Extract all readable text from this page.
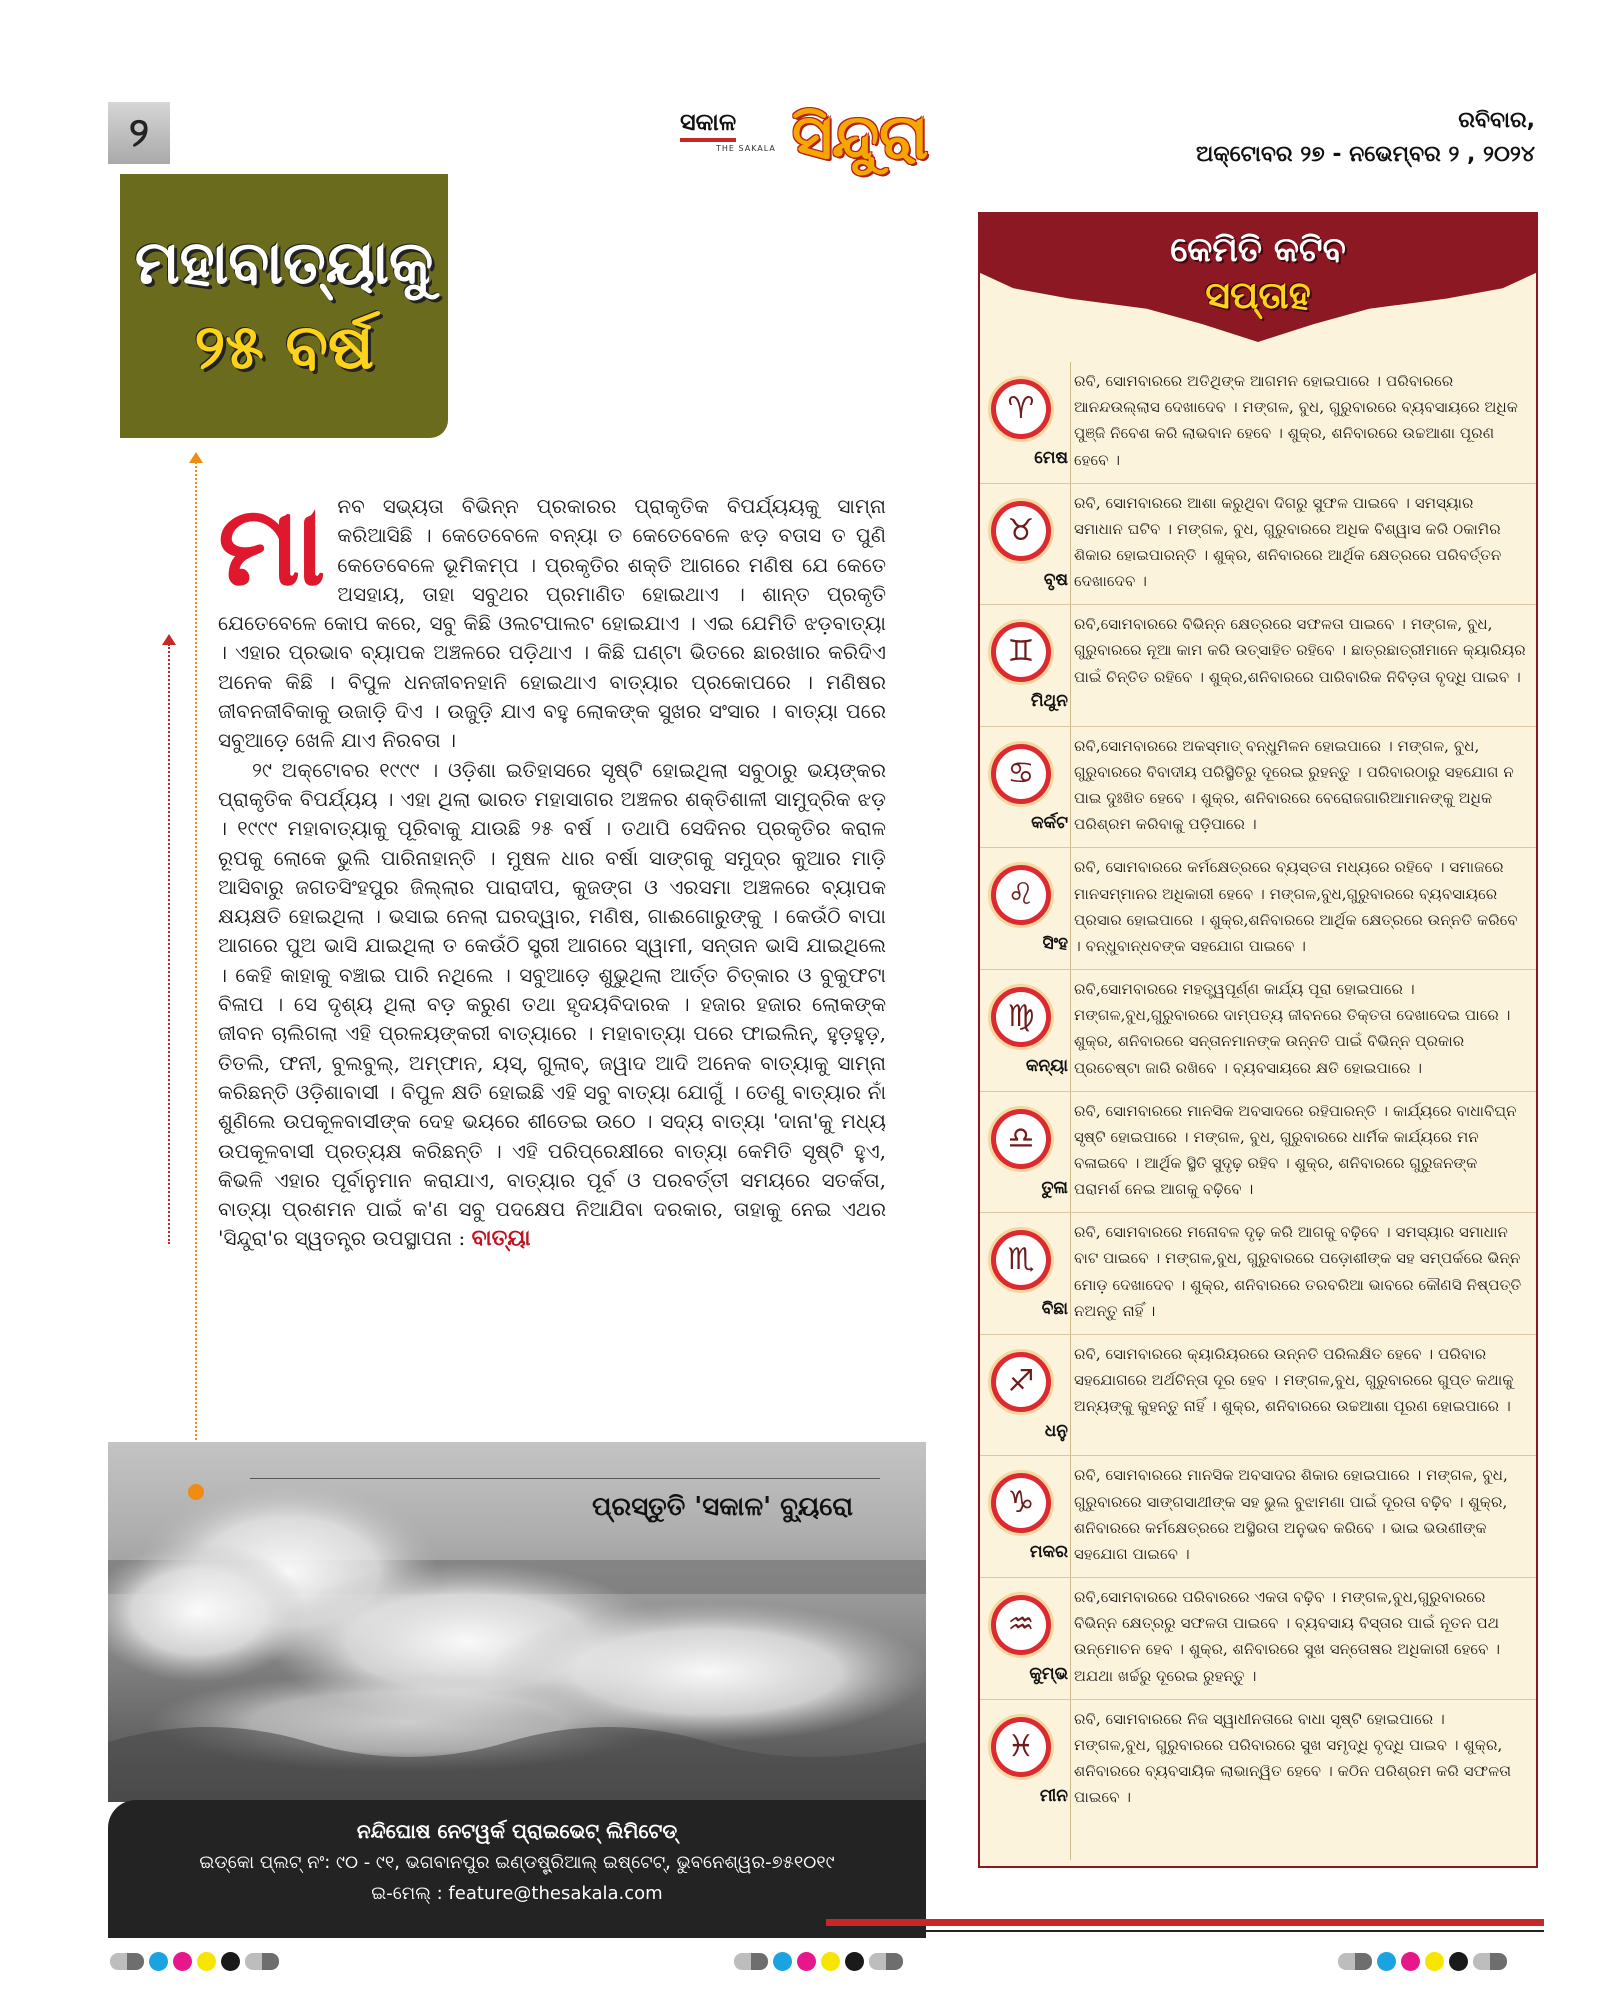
୨	ସକାଳ
THE SAKALA ସିନ୍ଦୁରା	ରବିବାର,
ଅକ୍ଟୋବର ୨୭ - ନଭେମ୍ବର ୨ , ୨୦୨୪
ମହାବାତ୍ୟାକୁ
୨୫ ବର୍ଷ
ମା ନବ ସଭ୍ୟତା ବିଭିନ୍ନ ପ୍ରକାରର ପ୍ରାକୃତିକ ବିପର୍ଯ୍ୟୟକୁ ସାମ୍ନା କରିଆସିଛି । କେତେବେଳେ ବନ୍ୟା ତ କେତେବେଳେ ଝଡ଼ ବତାସ ତ ପୁଣି କେତେବେଳେ ଭୂମିକମ୍ପ । ପ୍ରକୃତିର ଶକ୍ତି ଆଗରେ ମଣିଷ ଯେ କେତେ ଅସହାୟ, ତାହା ସବୁଥର ପ୍ରମାଣିତ ହୋଇଥାଏ । ଶାନ୍ତ ପ୍ରକୃତି ଯେତେବେଳେ କୋପ କରେ, ସବୁ କିଛି ଓଲଟପାଲଟ ହୋଇଯାଏ । ଏଇ ଯେମିତି ଝଡ଼ବାତ୍ୟା । ଏହାର ପ୍ରଭାବ ବ୍ୟାପକ ଅଞ୍ଚଳରେ ପଡ଼ିଥାଏ । କିଛି ଘଣ୍ଟା ଭିତରେ ଛାରଖାର କରିଦିଏ ଅନେକ କିଛି । ବିପୁଳ ଧନଜୀବନହାନି ହୋଇଥାଏ ବାତ୍ୟାର ପ୍ରକୋପରେ । ମଣିଷର ଜୀବନଜୀବିକାକୁ ଉଜାଡ଼ି ଦିଏ । ଉଜୁଡ଼ି ଯାଏ ବହୁ ଲୋକଙ୍କ ସୁଖର ସଂସାର । ବାତ୍ୟା ପରେ ସବୁଆଡ଼େ ଖେଳି ଯାଏ ନିରବତା ।

୨୯ ଅକ୍ଟୋବର ୧୯୯୯ । ଓଡ଼ିଶା ଇତିହାସରେ ସୃଷ୍ଟି ହୋଇଥିଲା ସବୁଠାରୁ ଭୟଙ୍କର ପ୍ରାକୃତିକ ବିପର୍ଯ୍ୟୟ । ଏହା ଥିଲା ଭାରତ ମହାସାଗର ଅଞ୍ଚଳର ଶକ୍ତିଶାଳୀ ସାମୁଦ୍ରିକ ଝଡ଼ । ୧୯୯୯ ମହାବାତ୍ୟାକୁ ପୂରିବାକୁ ଯାଉଛି ୨୫ ବର୍ଷ । ତଥାପି ସେଦିନର ପ୍ରକୃତିର କରାଳ ରୂପକୁ ଲୋକେ ଭୁଲି ପାରିନାହାନ୍ତି । ମୁଷଳ ଧାର ବର୍ଷା ସାଙ୍ଗକୁ ସମୁଦ୍ର କୁଆର ମାଡ଼ି ଆସିବାରୁ ଜଗତସିଂହପୁର ଜିଲ୍ଲାର ପାରାଦୀପ, କୁଜଙ୍ଗ ଓ ଏରସମା ଅଞ୍ଚଳରେ ବ୍ୟାପକ କ୍ଷୟକ୍ଷତି ହୋଇଥିଲା । ଭସାଇ ନେଲା ଘରଦ୍ୱାର, ମଣିଷ, ଗାଈଗୋରୁଙ୍କୁ । କେଉଁଠି ବାପା ଆଗରେ ପୁଅ ଭାସି ଯାଇଥିଲା ତ କେଉଁଠି ସ୍ତ୍ରୀ ଆଗରେ ସ୍ୱାମୀ, ସନ୍ତାନ ଭାସି ଯାଇଥିଲେ । କେହି କାହାକୁ ବଞ୍ଚାଇ ପାରି ନଥିଲେ । ସବୁଆଡ଼େ ଶୁଭୁଥିଲା ଆର୍ତ୍ତ ଚିତ୍କାର ଓ ବୁକୁଫଟା ବିଳାପ । ସେ ଦୃଶ୍ୟ ଥିଲା ବଡ଼ କରୁଣ ତଥା ହୃଦୟବିଦାରକ । ହଜାର ହଜାର ଲୋକଙ୍କ ଜୀବନ ଚାଲିଗଲା ଏହି ପ୍ରଳୟଙ୍କରୀ ବାତ୍ୟାରେ । ମହାବାତ୍ୟା ପରେ ଫାଇଲିନ୍, ହୁଡ଼ହୁଡ଼, ତିତଲି, ଫନୀ, ବୁଲବୁଲ୍, ଅମ୍ଫାନ, ୟସ୍, ଗୁଲାବ୍, ଜୱାଦ ଆଦି ଅନେକ ବାତ୍ୟାକୁ ସାମ୍ନା କରିଛନ୍ତି ଓଡ଼ିଶାବାସୀ । ବିପୁଳ କ୍ଷତି ହୋଇଛି ଏହି ସବୁ ବାତ୍ୟା ଯୋଗୁଁ । ତେଣୁ ବାତ୍ୟାର ନାଁ ଶୁଣିଲେ ଉପକୂଳବାସୀଙ୍କ ଦେହ ଭୟରେ ଶୀତେଇ ଉଠେ । ସଦ୍ୟ ବାତ୍ୟା 'ଦାନା'କୁ ମଧ୍ୟ ଉପକୂଳବାସୀ ପ୍ରତ୍ୟକ୍ଷ କରିଛନ୍ତି । ଏହି ପରିପ୍ରେକ୍ଷୀରେ ବାତ୍ୟା କେମିତି ସୃଷ୍ଟି ହୁଏ, କିଭଳି ଏହାର ପୂର୍ବାନୁମାନ କରାଯାଏ, ବାତ୍ୟାର ପୂର୍ବ ଓ ପରବର୍ତ୍ତୀ ସମୟରେ ସତର୍କତା, ବାତ୍ୟା ପ୍ରଶମନ ପାଇଁ କ'ଣ ସବୁ ପଦକ୍ଷେପ ନିଆଯିବା ଦରକାର, ତାହାକୁ ନେଇ ଏଥର 'ସିନ୍ଦୁରା'ର ସ୍ୱତନ୍ତ୍ର ଉପସ୍ଥାପନା : ବାତ୍ୟା

ପ୍ରସ୍ତୁତି 'ସକାଳ' ବ୍ୟୁରୋ
ନନ୍ଦିଘୋଷ ନେଟୱର୍କ ପ୍ରାଇଭେଟ୍ ଲିମିଟେଡ୍
ଇଡ୍‌କୋ ପ୍ଲଟ୍ ନଂ: ୯୦ - ୯୧, ଭଗବାନପୁର ଇଣ୍ଡଷ୍ଟ୍ରିଆଲ୍ ଇଷ୍ଟେଟ୍, ଭୁବନେଶ୍ୱର-୭୫୧୦୧୯
ଇ-ମେଲ୍ : feature@thesakala.com
କେମିତି କଟିବ
ସପ୍ତାହ
♈
ମେଷ
ରବି, ସୋମବାରରେ ଅତିଥିଙ୍କ ଆଗମନ ହୋଇପାରେ । ପରିବାରରେ ଆନନ୍ଦଉଲ୍ଲାସ ଦେଖାଦେବ । ମଙ୍ଗଳ, ବୁଧ, ଗୁରୁବାରରେ ବ୍ୟବସାୟରେ ଅଧିକ ପୁଞ୍ଜି ନିବେଶ କରି ଲାଭବାନ ହେବେ । ଶୁକ୍ର, ଶନିବାରରେ ଉଚ୍ଚଆଶା ପୂରଣ ହେବେ ।
♉
ବୃଷ
ରବି, ସୋମବାରରେ ଆଶା କରୁଥିବା ଦିଗରୁ ସୁଫଳ ପାଇବେ । ସମସ୍ୟାର ସମାଧାନ ଘଟିବ । ମଙ୍ଗଳ, ବୁଧ, ଗୁରୁବାରରେ ଅଧିକ ବିଶ୍ୱାସ କରି ଠକାମିର ଶିକାର ହୋଇପାରନ୍ତି । ଶୁକ୍ର, ଶନିବାରରେ ଆର୍ଥିକ କ୍ଷେତ୍ରରେ ପରିବର୍ତ୍ତନ ଦେଖାଦେବ ।
♊
ମିଥୁନ
ରବି,ସୋମବାରରେ ବିଭିନ୍ନ କ୍ଷେତ୍ରରେ ସଫଳତା ପାଇବେ । ମଙ୍ଗଳ, ବୁଧ, ଗୁରୁବାରରେ ନୂଆ କାମ କରି ଉତ୍ସାହିତ ରହିବେ । ଛାତ୍ରଛାତ୍ରୀମାନେ କ୍ୟାରିୟର ପାଇଁ ଚିନ୍ତିତ ରହିବେ । ଶୁକ୍ର,ଶନିବାରରେ ପାରିବାରିକ ନିବିଡ଼ତା ବୃଦ୍ଧି ପାଇବ ।
♋
କର୍କଟ
ରବି,ସୋମବାରରେ ଅକସ୍ମାତ୍ ବନ୍ଧୁମିଳନ ହୋଇପାରେ । ମଙ୍ଗଳ, ବୁଧ, ଗୁରୁବାରରେ ବିବାଦୀୟ ପରିସ୍ଥିତିରୁ ଦୂରେଇ ରୁହନ୍ତୁ । ପରିବାରଠାରୁ ସହଯୋଗ ନ ପାଇ ଦୁଃଖିତ ହେବେ । ଶୁକ୍ର, ଶନିବାରରେ ବେରୋଜଗାରିଆମାନଙ୍କୁ ଅଧିକ ପରିଶ୍ରମ କରିବାକୁ ପଡ଼ିପାରେ ।
♌
ସିଂହ
ରବି, ସୋମବାରରେ କର୍ମକ୍ଷେତ୍ରରେ ବ୍ୟସ୍ତତା ମଧ୍ୟରେ ରହିବେ । ସମାଜରେ ମାନସମ୍ମାନର ଅଧିକାରୀ ହେବେ । ମଙ୍ଗଳ,ବୁଧ,ଗୁରୁବାରରେ ବ୍ୟବସାୟରେ ପ୍ରସାର ହୋଇପାରେ । ଶୁକ୍ର,ଶନିବାରରେ ଆର୍ଥିକ କ୍ଷେତ୍ରରେ ଉନ୍ନତି କରିବେ । ବନ୍ଧୁବାନ୍ଧବଙ୍କ ସହଯୋଗ ପାଇବେ ।
♍
କନ୍ୟା
ରବି,ସୋମବାରରେ ମହତ୍ତ୍ୱପୂର୍ଣ୍ଣ କାର୍ଯ୍ୟ ପୂରା ହୋଇପାରେ । ମଙ୍ଗଳ,ବୁଧ,ଗୁରୁବାରରେ ଦାମ୍ପତ୍ୟ ଜୀବନରେ ତିକ୍ତତା ଦେଖାଦେଇ ପାରେ । ଶୁକ୍ର, ଶନିବାରରେ ସନ୍ତାନମାନଙ୍କ ଉନ୍ନତି ପାଇଁ ବିଭିନ୍ନ ପ୍ରକାର ପ୍ରଚେଷ୍ଟା ଜାରି ରଖିବେ । ବ୍ୟବସାୟରେ କ୍ଷତି ହୋଇପାରେ ।
♎
ତୁଳା
ରବି, ସୋମବାରରେ ମାନସିକ ଅବସାଦରେ ରହିପାରନ୍ତି । କାର୍ଯ୍ୟରେ ବାଧାବିଘ୍ନ ସୃଷ୍ଟି ହୋଇପାରେ । ମଙ୍ଗଳ, ବୁଧ, ଗୁରୁବାରରେ ଧାର୍ମିକ କାର୍ଯ୍ୟରେ ମନ ବଳାଇବେ । ଆର୍ଥିକ ସ୍ଥିତି ସୁଦୃଢ଼ ରହିବ । ଶୁକ୍ର, ଶନିବାରରେ ଗୁରୁଜନଙ୍କ ପରାମର୍ଶ ନେଇ ଆଗକୁ ବଢ଼ିବେ ।
♏
ବିଛା
ରବି, ସୋମବାରରେ ମନୋବଳ ଦୃଢ଼ କରି ଆଗକୁ ବଢ଼ିବେ । ସମସ୍ୟାର ସମାଧାନ ବାଟ ପାଇବେ । ମଙ୍ଗଳ,ବୁଧ, ଗୁରୁବାରରେ ପଡ଼ୋଶୀଙ୍କ ସହ ସମ୍ପର୍କରେ ଭିନ୍ନ ମୋଡ଼ ଦେଖାଦେବ । ଶୁକ୍ର, ଶନିବାରରେ ତରବରିଆ ଭାବରେ କୌଣସି ନିଷ୍ପତ୍ତି ନଅନ୍ତୁ ନାହିଁ ।
♐
ଧନୁ
ରବି, ସୋମବାରରେ କ୍ୟାରିୟରରେ ଉନ୍ନତି ପରିଲକ୍ଷିତ ହେବେ । ପରିବାର ସହଯୋଗରେ ଅର୍ଥଚିନ୍ତା ଦୂର ହେବ । ମଙ୍ଗଳ,ବୁଧ, ଗୁରୁବାରରେ ଗୁପ୍ତ କଥାକୁ ଅନ୍ୟଙ୍କୁ କୁହନ୍ତୁ ନାହିଁ । ଶୁକ୍ର, ଶନିବାରରେ ଉଚ୍ଚଆଶା ପୂରଣ ହୋଇପାରେ ।
♑
ମକର
ରବି, ସୋମବାରରେ ମାନସିକ ଅବସାଦର ଶିକାର ହୋଇପାରେ । ମଙ୍ଗଳ, ବୁଧ, ଗୁରୁବାରରେ ସାଙ୍ଗସାଥୀଙ୍କ ସହ ଭୁଲ ବୁଝାମଣା ପାଇଁ ଦୂରତା ବଢ଼ିବ । ଶୁକ୍ର, ଶନିବାରରେ କର୍ମକ୍ଷେତ୍ରରେ ଅସ୍ଥିରତା ଅନୁଭବ କରିବେ । ଭାଇ ଭଉଣୀଙ୍କ ସହଯୋଗ ପାଇବେ ।
♒
କୁମ୍ଭ
ରବି,ସୋମବାରରେ ପରିବାରରେ ଏକତା ବଢ଼ିବ । ମଙ୍ଗଳ,ବୁଧ,ଗୁରୁବାରରେ ବିଭିନ୍ନ କ୍ଷେତ୍ରରୁ ସଫଳତା ପାଇବେ । ବ୍ୟବସାୟ ବିସ୍ତାର ପାଇଁ ନୂତନ ପଥ ଉନ୍ମୋଚନ ହେବ । ଶୁକ୍ର, ଶନିବାରରେ ସୁଖ ସନ୍ତୋଷର ଅଧିକାରୀ ହେବେ । ଅଯଥା ଖର୍ଚ୍ଚରୁ ଦୂରେଇ ରୁହନ୍ତୁ ।
♓
ମୀନ
ରବି, ସୋମବାରରେ ନିଜ ସ୍ୱାଧୀନତାରେ ବାଧା ସୃଷ୍ଟି ହୋଇପାରେ । ମଙ୍ଗଳ,ବୁଧ, ଗୁରୁବାରରେ ପରିବାରରେ ସୁଖ ସମୃଦ୍ଧି ବୃଦ୍ଧି ପାଇବ । ଶୁକ୍ର, ଶନିବାରରେ ବ୍ୟବସାୟିକ ଲାଭାନ୍ୱିତ ହେବେ । କଠିନ ପରିଶ୍ରମ କରି ସଫଳତା ପାଇବେ ।
